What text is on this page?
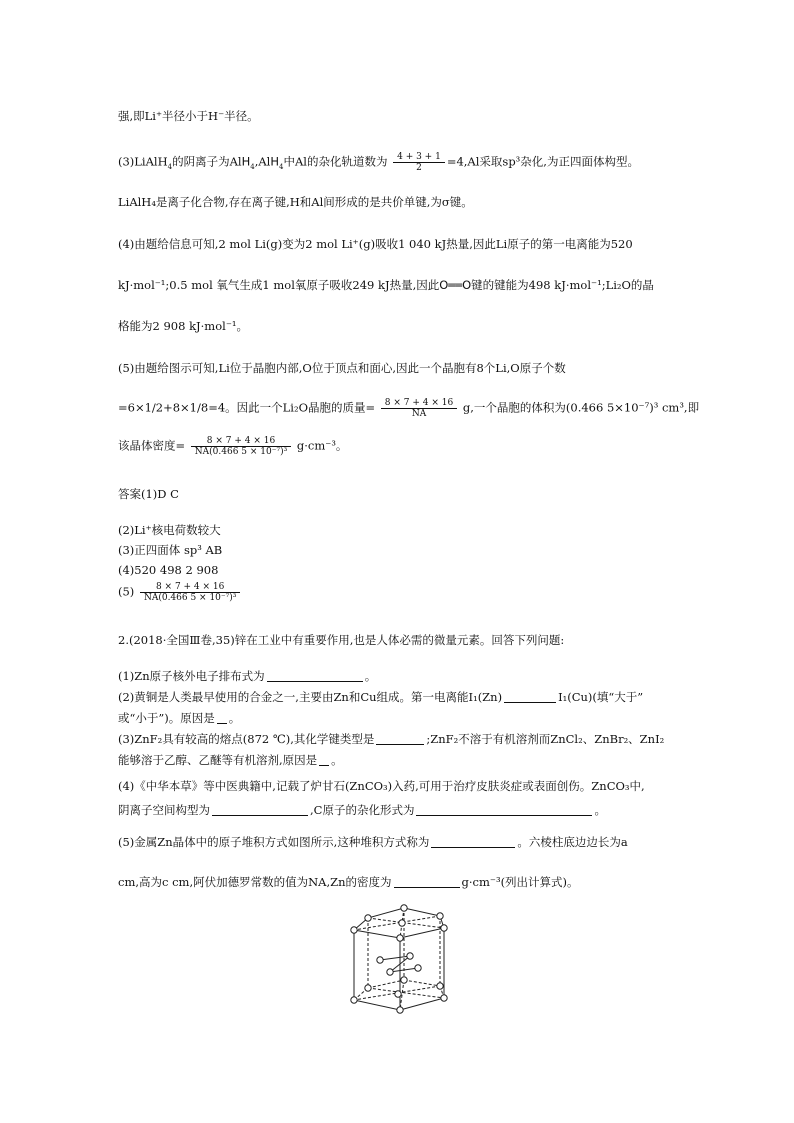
强,即Li⁺半径小于H⁻半径。
(3)LiAlH$_4$的阴离子为AlH$_4$,AlH$_4$中Al的杂化轨道数为 $\frac{4 + 3 + 1}{2} =4,Al$采取sp³杂化,为正四面体构型。
LiAlH₄是离子化合物,存在离子键,H和Al间形成的是共价单键,为σ键。
(4)由题给信息可知,2 mol Li(g)变为2 mol Li⁺(g)吸收1 040 kJ热量,因此Li原子的第一电离能为520
kJ·mol⁻¹;0.5 mol 氧气生成1 mol氧原子吸收249 kJ热量,因此O══O键的键能为498 kJ·mol⁻¹;Li₂O的晶
格能为2 908 kJ·mol⁻¹。
(5)由题给图示可知,Li位于晶胞内部,O位于顶点和面心,因此一个晶胞有8个Li,O原子个数
=6×1/2+8×1/8=4。因此一个Li₂O晶胞的质量= $\frac{8 \times 7 + 4 \times 16}{NA} g$,一个晶胞的体积为(0.466 5×10⁻⁷)³ cm³,即
该晶体密度= $\frac{8 \times 7 + 4 \times 16}{\text{NA(0.466 5 × 10⁻⁷)³}} g\cdot cm^{-3}$。
答案(1)D C
(2)Li⁺核电荷数较大
(3)正四面体 sp³ AB
(4)520 498 2 908
$(5) \frac{8 \times 7 + 4 \times 16}{\text{NA(0.466 5 × 10⁻⁷)³}}$
2.(2018·全国Ⅲ卷,35)锌在工业中有重要作用,也是人体必需的微量元素。回答下列问题:
(1)Zn原子核外电子排布式为	。
(2)黄铜是人类最早使用的合金之一,主要由Zn和Cu组成。第一电离能I₁(Zn)	I₁(Cu)(填“大于”
或“小于”)。原因是 。
(3)ZnF₂具有较高的熔点(872 ℃),其化学键类型是	;ZnF₂不溶于有机溶剂而ZnCl₂、ZnBr₂、ZnI₂
能够溶于乙醇、乙醚等有机溶剂,原因是 。
(4)《中华本草》等中医典籍中,记载了炉甘石(ZnCO₃)入药,可用于治疗皮肤炎症或表面创伤。ZnCO₃中,
阴离子空间构型为	,C原子的杂化形式为	。
(5)金属Zn晶体中的原子堆积方式如图所示,这种堆积方式称为	。六棱柱底边边长为a
cm,高为c cm,阿伏加德罗常数的值为NA,Zn的密度为	g·cm⁻³(列出计算式)。
